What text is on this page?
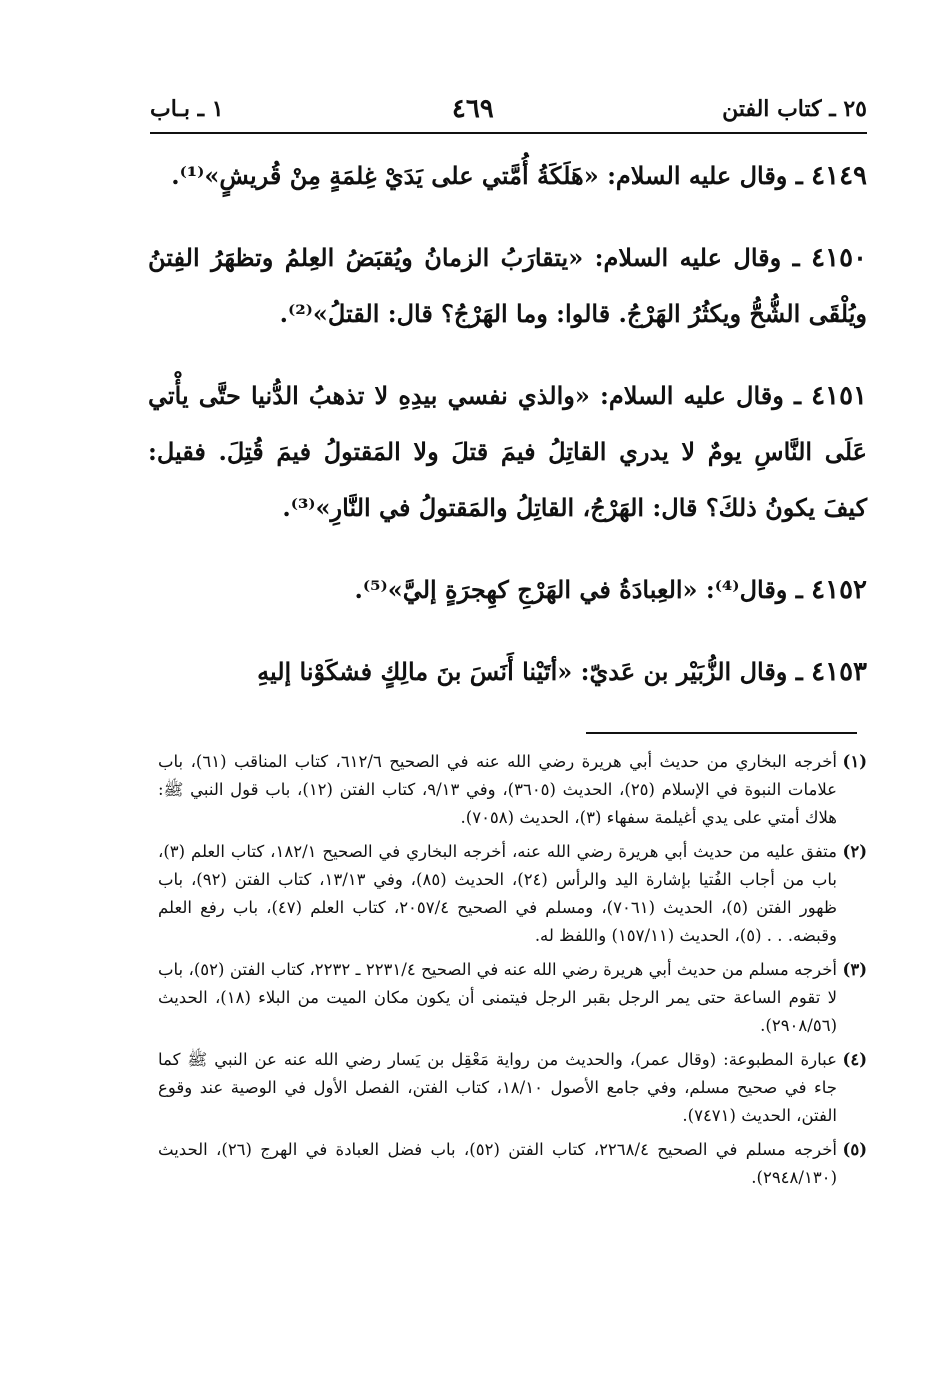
٢٥ ـ كتاب الفتن
٤٦٩
١ ـ بـاب

٤١٤٩ ـ وقال عليه السلام: «هَلَكَةُ أُمَّتي على يَدَيْ غِلمَةٍ مِنْ قُريشٍ»⁽¹⁾.

٤١٥٠ ـ وقال عليه السلام: «يتقارَبُ الزمانُ ويُقبَضُ العِلمُ وتظهَرُ الفِتنُ ويُلْقَى الشُّحُّ ويكثُرُ الهَرْجُ. قالوا: وما الهَرْجُ؟ قال: القتلُ»⁽²⁾.

٤١٥١ ـ وقال عليه السلام: «والذي نفسي بيدِهِ لا تذهبُ الدُّنيا حتَّى يأْتي عَلَى النَّاسِ يومٌ لا يدري القاتِلُ فيمَ قتلَ ولا المَقتولُ فيمَ قُتِلَ. فقيل: كيفَ يكونُ ذلكَ؟ قال: الهَرْجُ، القاتِلُ والمَقتولُ في النَّارِ»⁽³⁾.

٤١٥٢ ـ وقال⁽⁴⁾: «العِبادَةُ في الهَرْجِ كهِجرَةٍ إليَّ»⁽⁵⁾.

٤١٥٣ ـ وقال الزُّبَيْر بن عَديّ: «أتَيْنا أَنَسَ بنَ مالِكٍ فشكَوْنا إليهِ

(١)
أخرجه البخاري من حديث أبي هريرة رضي الله عنه في الصحيح ٦١٢/٦، كتاب المناقب (٦١)، باب علامات النبوة في الإسلام (٢٥)، الحديث (٣٦٠٥)، وفي ٩/١٣، كتاب الفتن (١٢)، باب قول النبي ﷺ: هلاك أمتي على يدي أغيلمة سفهاء (٣)، الحديث (٧٠٥٨).
(٢)
متفق عليه من حديث أبي هريرة رضي الله عنه، أخرجه البخاري في الصحيح ١٨٢/١، كتاب العلم (٣)، باب من أجاب الفُتيا بإشارة اليد والرأس (٢٤)، الحديث (٨٥)، وفي ١٣/١٣، كتاب الفتن (٩٢)، باب ظهور الفتن (٥)، الحديث (٧٠٦١)، ومسلم في الصحيح ٢٠٥٧/٤، كتاب العلم (٤٧)، باب رفع العلم وقبضه. . . (٥)، الحديث (١٥٧/١١) واللفظ له.
(٣)
أخرجه مسلم من حديث أبي هريرة رضي الله عنه في الصحيح ٢٢٣١/٤ ـ ٢٢٣٢، كتاب الفتن (٥٢)، باب لا تقوم الساعة حتى يمر الرجل بقبر الرجل فيتمنى أن يكون مكان الميت من البلاء (١٨)، الحديث (٢٩٠٨/٥٦).
(٤)
عبارة المطبوعة: (وقال عمر)، والحديث من رواية مَعْقِل بن يَسار رضي الله عنه عن النبي ﷺ كما جاء في صحيح مسلم، وفي جامع الأصول ١٨/١٠، كتاب الفتن، الفصل الأول في الوصية عند وقوع الفتن، الحديث (٧٤٧١).
(٥)
أخرجه مسلم في الصحيح ٢٢٦٨/٤، كتاب الفتن (٥٢)، باب فضل العبادة في الهرج (٢٦)، الحديث (٢٩٤٨/١٣٠).
